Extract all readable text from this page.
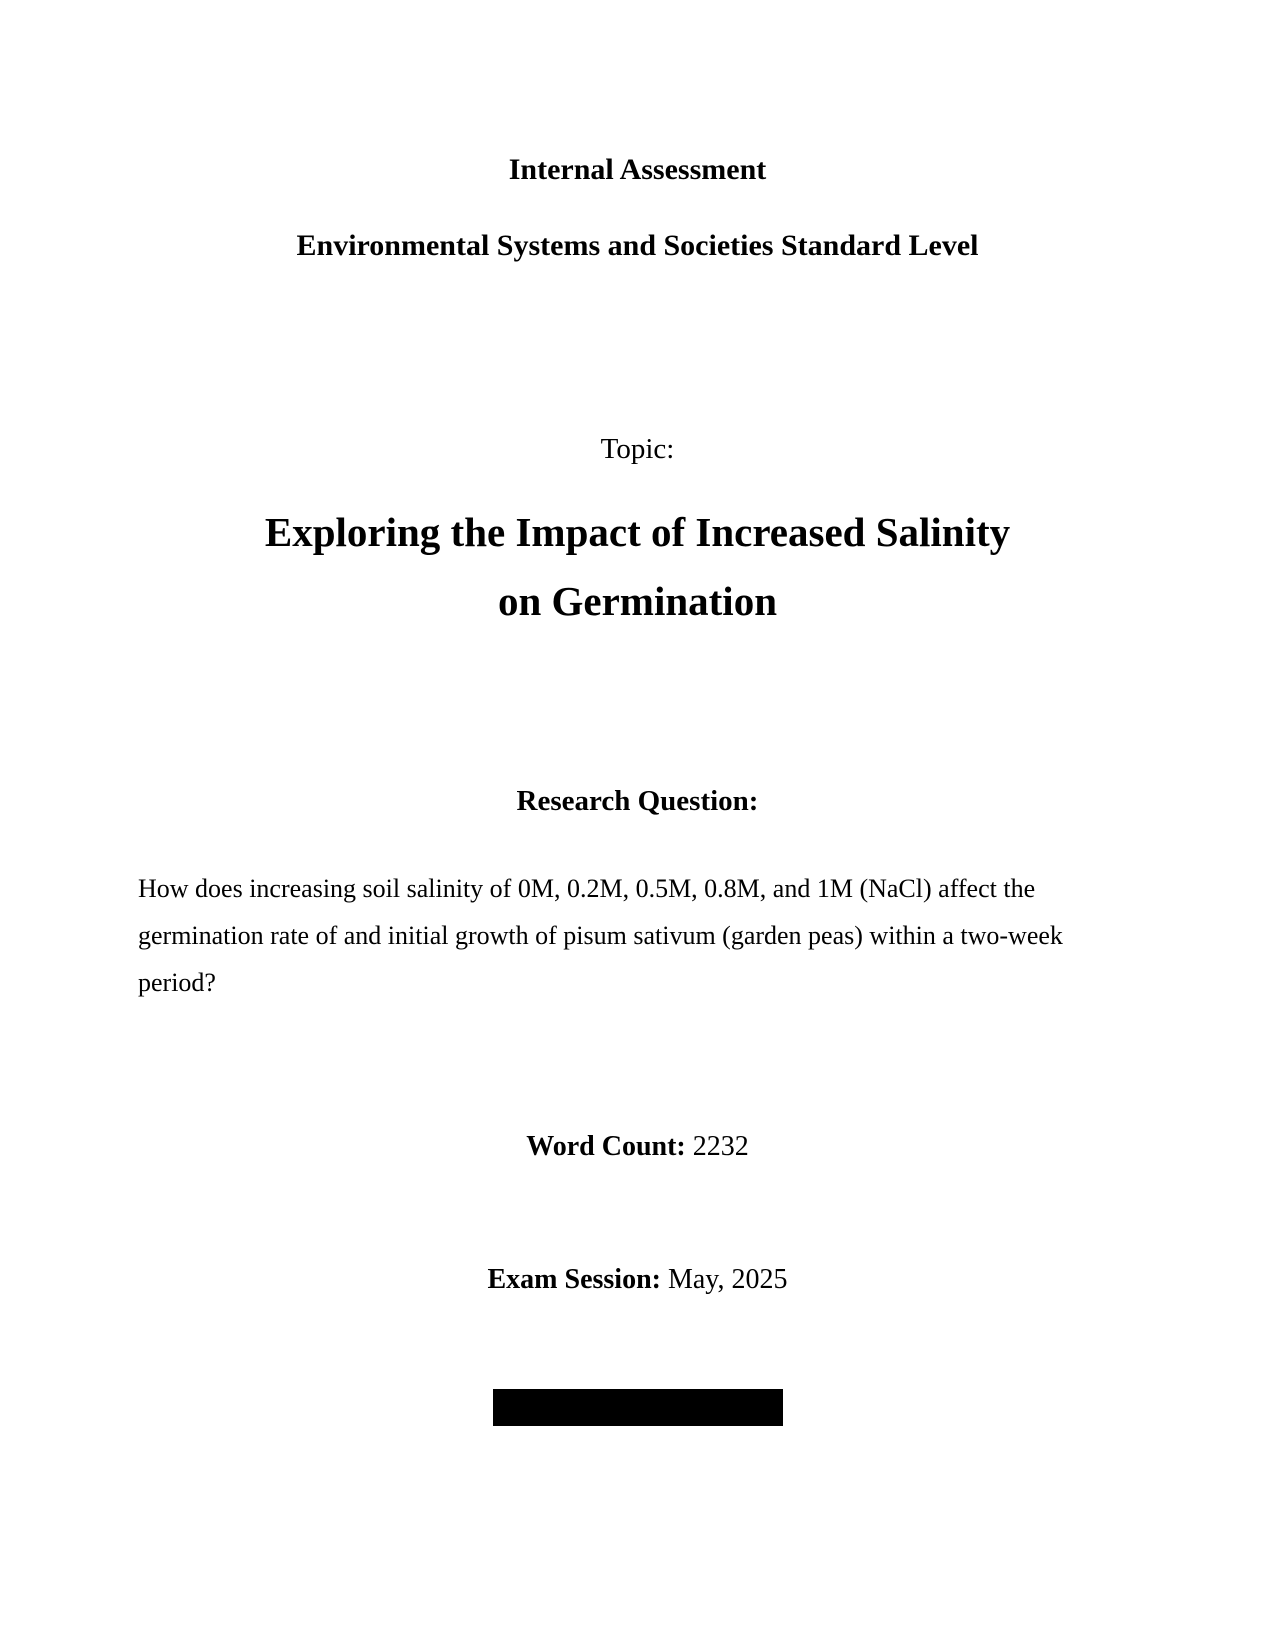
Internal Assessment
Environmental Systems and Societies Standard Level

Topic:

Exploring the Impact of Increased Salinity
on Germination

Research Question:

How does increasing soil salinity of 0M, 0.2M, 0.5M, 0.8M, and 1M (NaCl) affect the germination rate of and initial growth of pisum sativum (garden peas) within a two-week period?

Word Count: 2232

Exam Session: May, 2025
